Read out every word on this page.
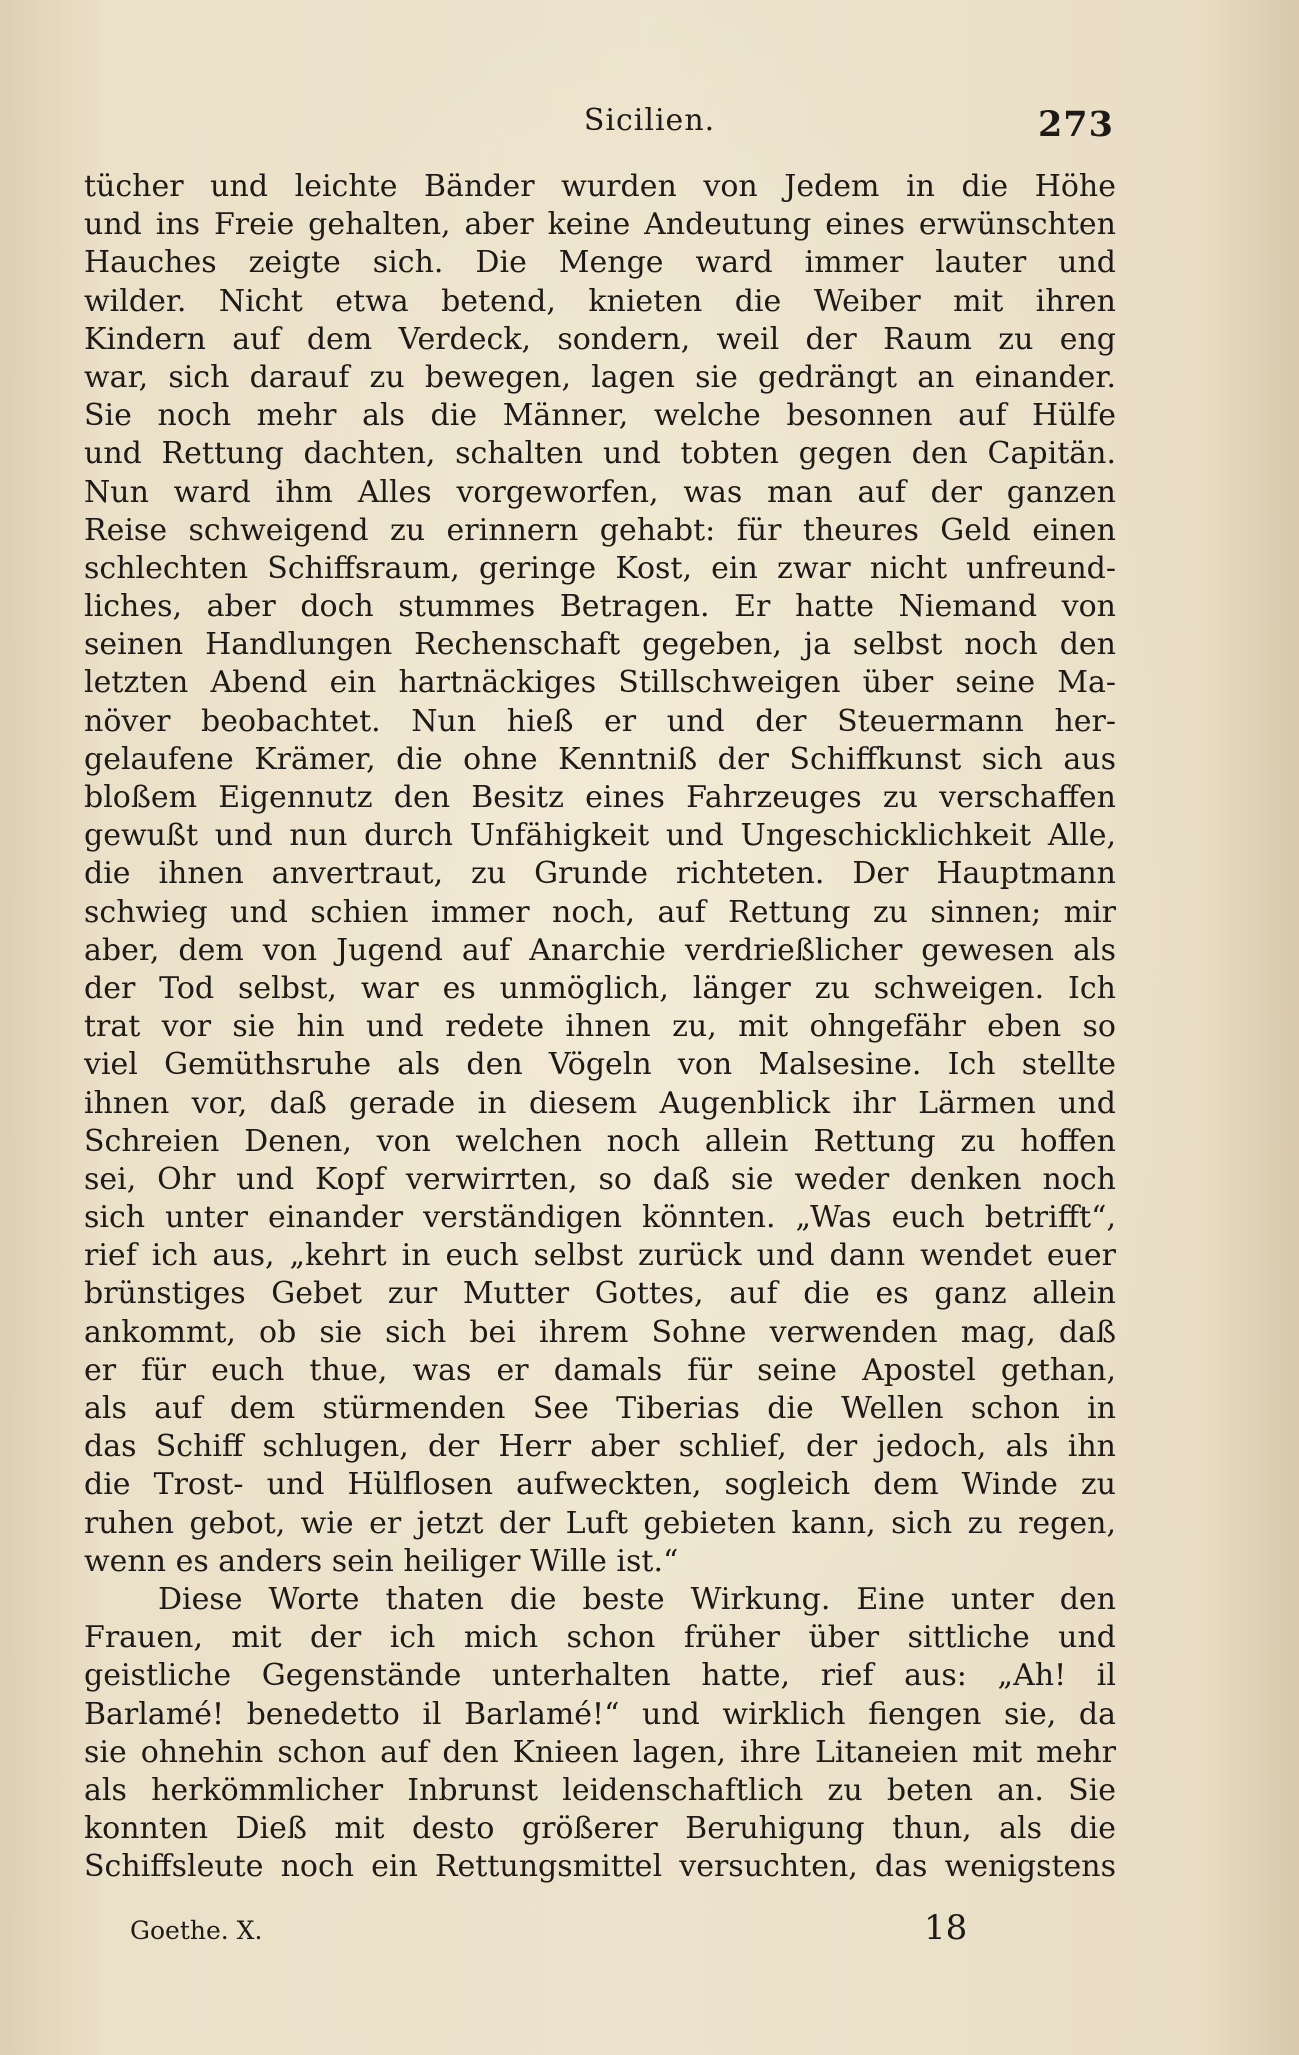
Sicilien.	273
tücher und leichte Bänder wurden von Jedem in die Höhe
und ins Freie gehalten, aber keine Andeutung eines erwünschten
Hauches zeigte sich. Die Menge ward immer lauter und
wilder. Nicht etwa betend, knieten die Weiber mit ihren
Kindern auf dem Verdeck, sondern, weil der Raum zu eng
war, sich darauf zu bewegen, lagen sie gedrängt an einander.
Sie noch mehr als die Männer, welche besonnen auf Hülfe
und Rettung dachten, schalten und tobten gegen den Capitän.
Nun ward ihm Alles vorgeworfen, was man auf der ganzen
Reise schweigend zu erinnern gehabt: für theures Geld einen
schlechten Schiffsraum, geringe Kost, ein zwar nicht unfreund-
liches, aber doch stummes Betragen. Er hatte Niemand von
seinen Handlungen Rechenschaft gegeben, ja selbst noch den
letzten Abend ein hartnäckiges Stillschweigen über seine Ma-
növer beobachtet. Nun hieß er und der Steuermann her-
gelaufene Krämer, die ohne Kenntniß der Schiffkunst sich aus
bloßem Eigennutz den Besitz eines Fahrzeuges zu verschaffen
gewußt und nun durch Unfähigkeit und Ungeschicklichkeit Alle,
die ihnen anvertraut, zu Grunde richteten. Der Hauptmann
schwieg und schien immer noch, auf Rettung zu sinnen; mir
aber, dem von Jugend auf Anarchie verdrießlicher gewesen als
der Tod selbst, war es unmöglich, länger zu schweigen. Ich
trat vor sie hin und redete ihnen zu, mit ohngefähr eben so
viel Gemüthsruhe als den Vögeln von Malsesine. Ich stellte
ihnen vor, daß gerade in diesem Augenblick ihr Lärmen und
Schreien Denen, von welchen noch allein Rettung zu hoffen
sei, Ohr und Kopf verwirrten, so daß sie weder denken noch
sich unter einander verständigen könnten. „Was euch betrifft“,
rief ich aus, „kehrt in euch selbst zurück und dann wendet euer
brünstiges Gebet zur Mutter Gottes, auf die es ganz allein
ankommt, ob sie sich bei ihrem Sohne verwenden mag, daß
er für euch thue, was er damals für seine Apostel gethan,
als auf dem stürmenden See Tiberias die Wellen schon in
das Schiff schlugen, der Herr aber schlief, der jedoch, als ihn
die Trost- und Hülflosen aufweckten, sogleich dem Winde zu
ruhen gebot, wie er jetzt der Luft gebieten kann, sich zu regen,
wenn es anders sein heiliger Wille ist.“
Diese Worte thaten die beste Wirkung. Eine unter den
Frauen, mit der ich mich schon früher über sittliche und
geistliche Gegenstände unterhalten hatte, rief aus: „Ah! il
Barlamé! benedetto il Barlamé!“ und wirklich fiengen sie, da
sie ohnehin schon auf den Knieen lagen, ihre Litaneien mit mehr
als herkömmlicher Inbrunst leidenschaftlich zu beten an. Sie
konnten Dieß mit desto größerer Beruhigung thun, als die
Schiffsleute noch ein Rettungsmittel versuchten, das wenigstens
Goethe. X.	18
